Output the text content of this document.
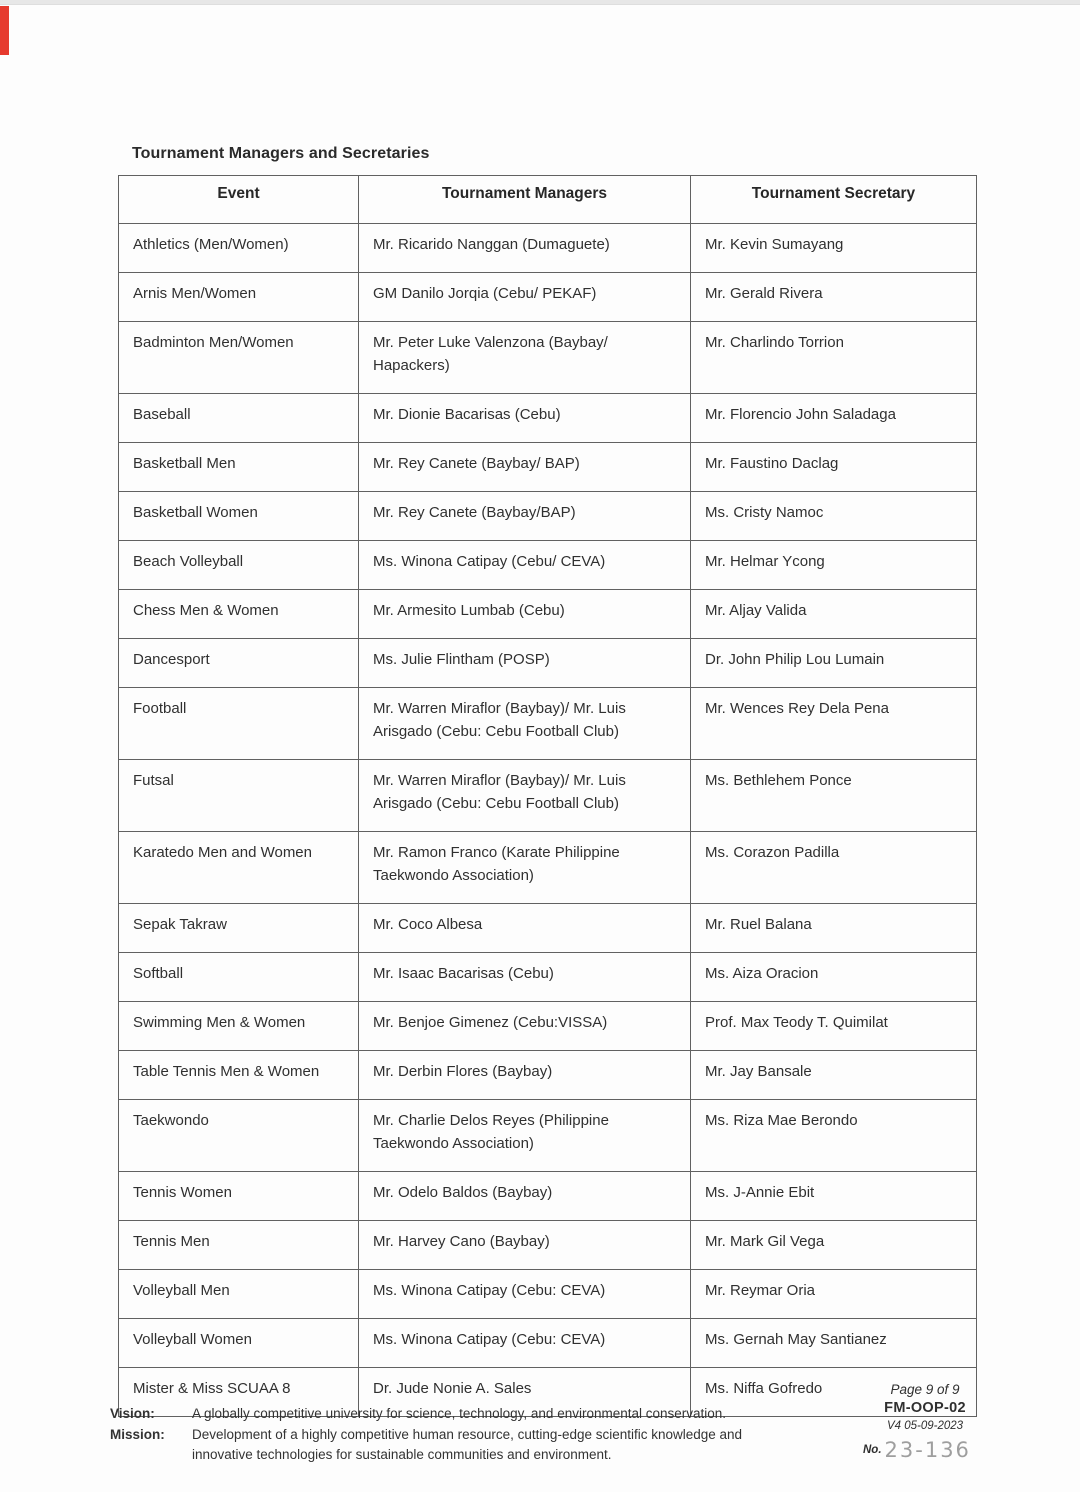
Tournament Managers and Secretaries
Event	Tournament Managers	Tournament Secretary
Athletics (Men/Women)	Mr. Ricarido Nanggan (Dumaguete)	Mr. Kevin Sumayang
Arnis Men/Women	GM Danilo Jorqia (Cebu/ PEKAF)	Mr. Gerald Rivera
Badminton Men/Women	Mr. Peter Luke Valenzona (Baybay/ Hapackers)	Mr. Charlindo Torrion
Baseball	Mr. Dionie Bacarisas (Cebu)	Mr. Florencio John Saladaga
Basketball Men	Mr. Rey Canete (Baybay/ BAP)	Mr. Faustino Daclag
Basketball Women	Mr. Rey Canete (Baybay/BAP)	Ms. Cristy Namoc
Beach Volleyball	Ms. Winona Catipay (Cebu/ CEVA)	Mr. Helmar Ycong
Chess Men & Women	Mr. Armesito Lumbab (Cebu)	Mr. Aljay Valida
Dancesport	Ms. Julie Flintham (POSP)	Dr. John Philip Lou Lumain
Football	Mr. Warren Miraflor (Baybay)/ Mr. Luis Arisgado (Cebu: Cebu Football Club)	Mr. Wences Rey Dela Pena
Futsal	Mr. Warren Miraflor (Baybay)/ Mr. Luis Arisgado (Cebu: Cebu Football Club)	Ms. Bethlehem Ponce
Karatedo Men and Women	Mr. Ramon Franco (Karate Philippine Taekwondo Association)	Ms. Corazon Padilla
Sepak Takraw	Mr. Coco Albesa	Mr. Ruel Balana
Softball	Mr. Isaac Bacarisas (Cebu)	Ms. Aiza Oracion
Swimming Men & Women	Mr. Benjoe Gimenez (Cebu:VISSA)	Prof. Max Teody T. Quimilat
Table Tennis Men & Women	Mr. Derbin Flores (Baybay)	Mr. Jay Bansale
Taekwondo	Mr. Charlie Delos Reyes (Philippine Taekwondo Association)	Ms. Riza Mae Berondo
Tennis Women	Mr. Odelo Baldos (Baybay)	Ms. J-Annie Ebit
Tennis Men	Mr. Harvey Cano (Baybay)	Mr. Mark Gil Vega
Volleyball Men	Ms. Winona Catipay (Cebu: CEVA)	Mr. Reymar Oria
Volleyball Women	Ms. Winona Catipay (Cebu: CEVA)	Ms. Gernah May Santianez
Mister & Miss SCUAA 8	Dr. Jude Nonie A. Sales	Ms. Niffa Gofredo
Vision:	A globally competitive university for science, technology, and environmental conservation.
Mission:	Development of a highly competitive human resource, cutting-edge scientific knowledge and innovative technologies for sustainable communities and environment.
Page 9 of 9
FM-OOP-02
V4 05-09-2023
$^{No.}$ 23-136
